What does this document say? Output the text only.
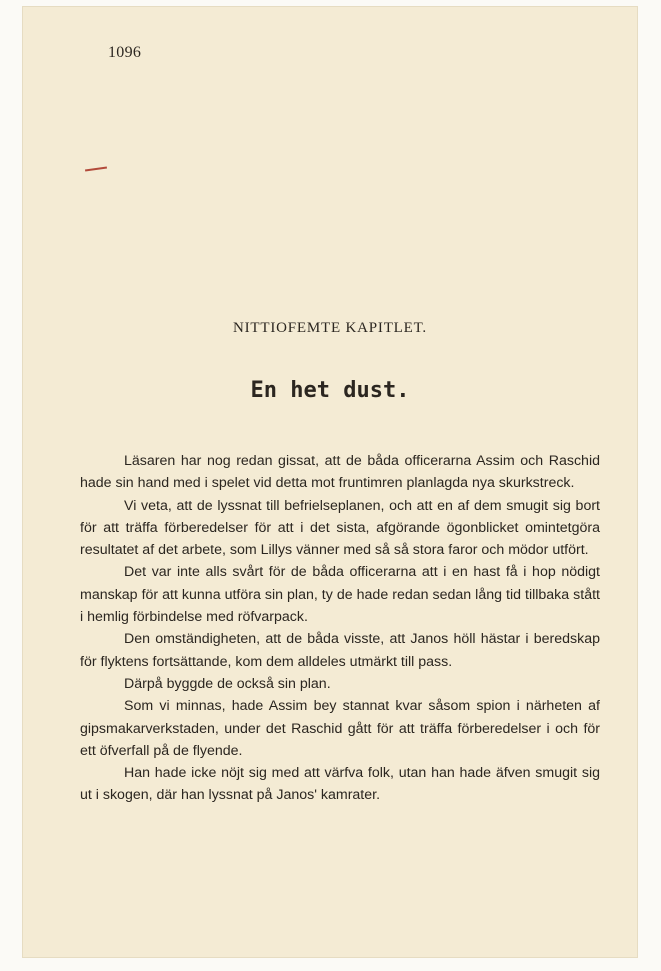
1096
NITTIOFEMTE KAPITLET.
En het dust.

Läsaren har nog redan gissat, att de båda officerarna Assim och Raschid hade sin hand med i spelet vid detta mot fruntimren planlagda nya skurkstreck.

Vi veta, att de lyssnat till befrielseplanen, och att en af dem smugit sig bort för att träffa förberedelser för att i det sista, afgörande ögonblicket omintetgöra resultatet af det arbete, som Lillys vänner med så så stora faror och mödor utfört.

Det var inte alls svårt för de båda officerarna att i en hast få i hop nödigt manskap för att kunna utföra sin plan, ty de hade redan sedan lång tid tillbaka stått i hemlig förbindelse med röfvarpack.

Den omständigheten, att de båda visste, att Janos höll hästar i beredskap för flyktens fortsättande, kom dem alldeles utmärkt till pass.

Därpå byggde de också sin plan.

Som vi minnas, hade Assim bey stannat kvar såsom spion i närheten af gipsmakarverkstaden, under det Raschid gått för att träffa förberedelser i och för ett öfverfall på de flyende.

Han hade icke nöjt sig med att värfva folk, utan han hade äfven smugit sig ut i skogen, där han lyssnat på Janos' kamrater.
